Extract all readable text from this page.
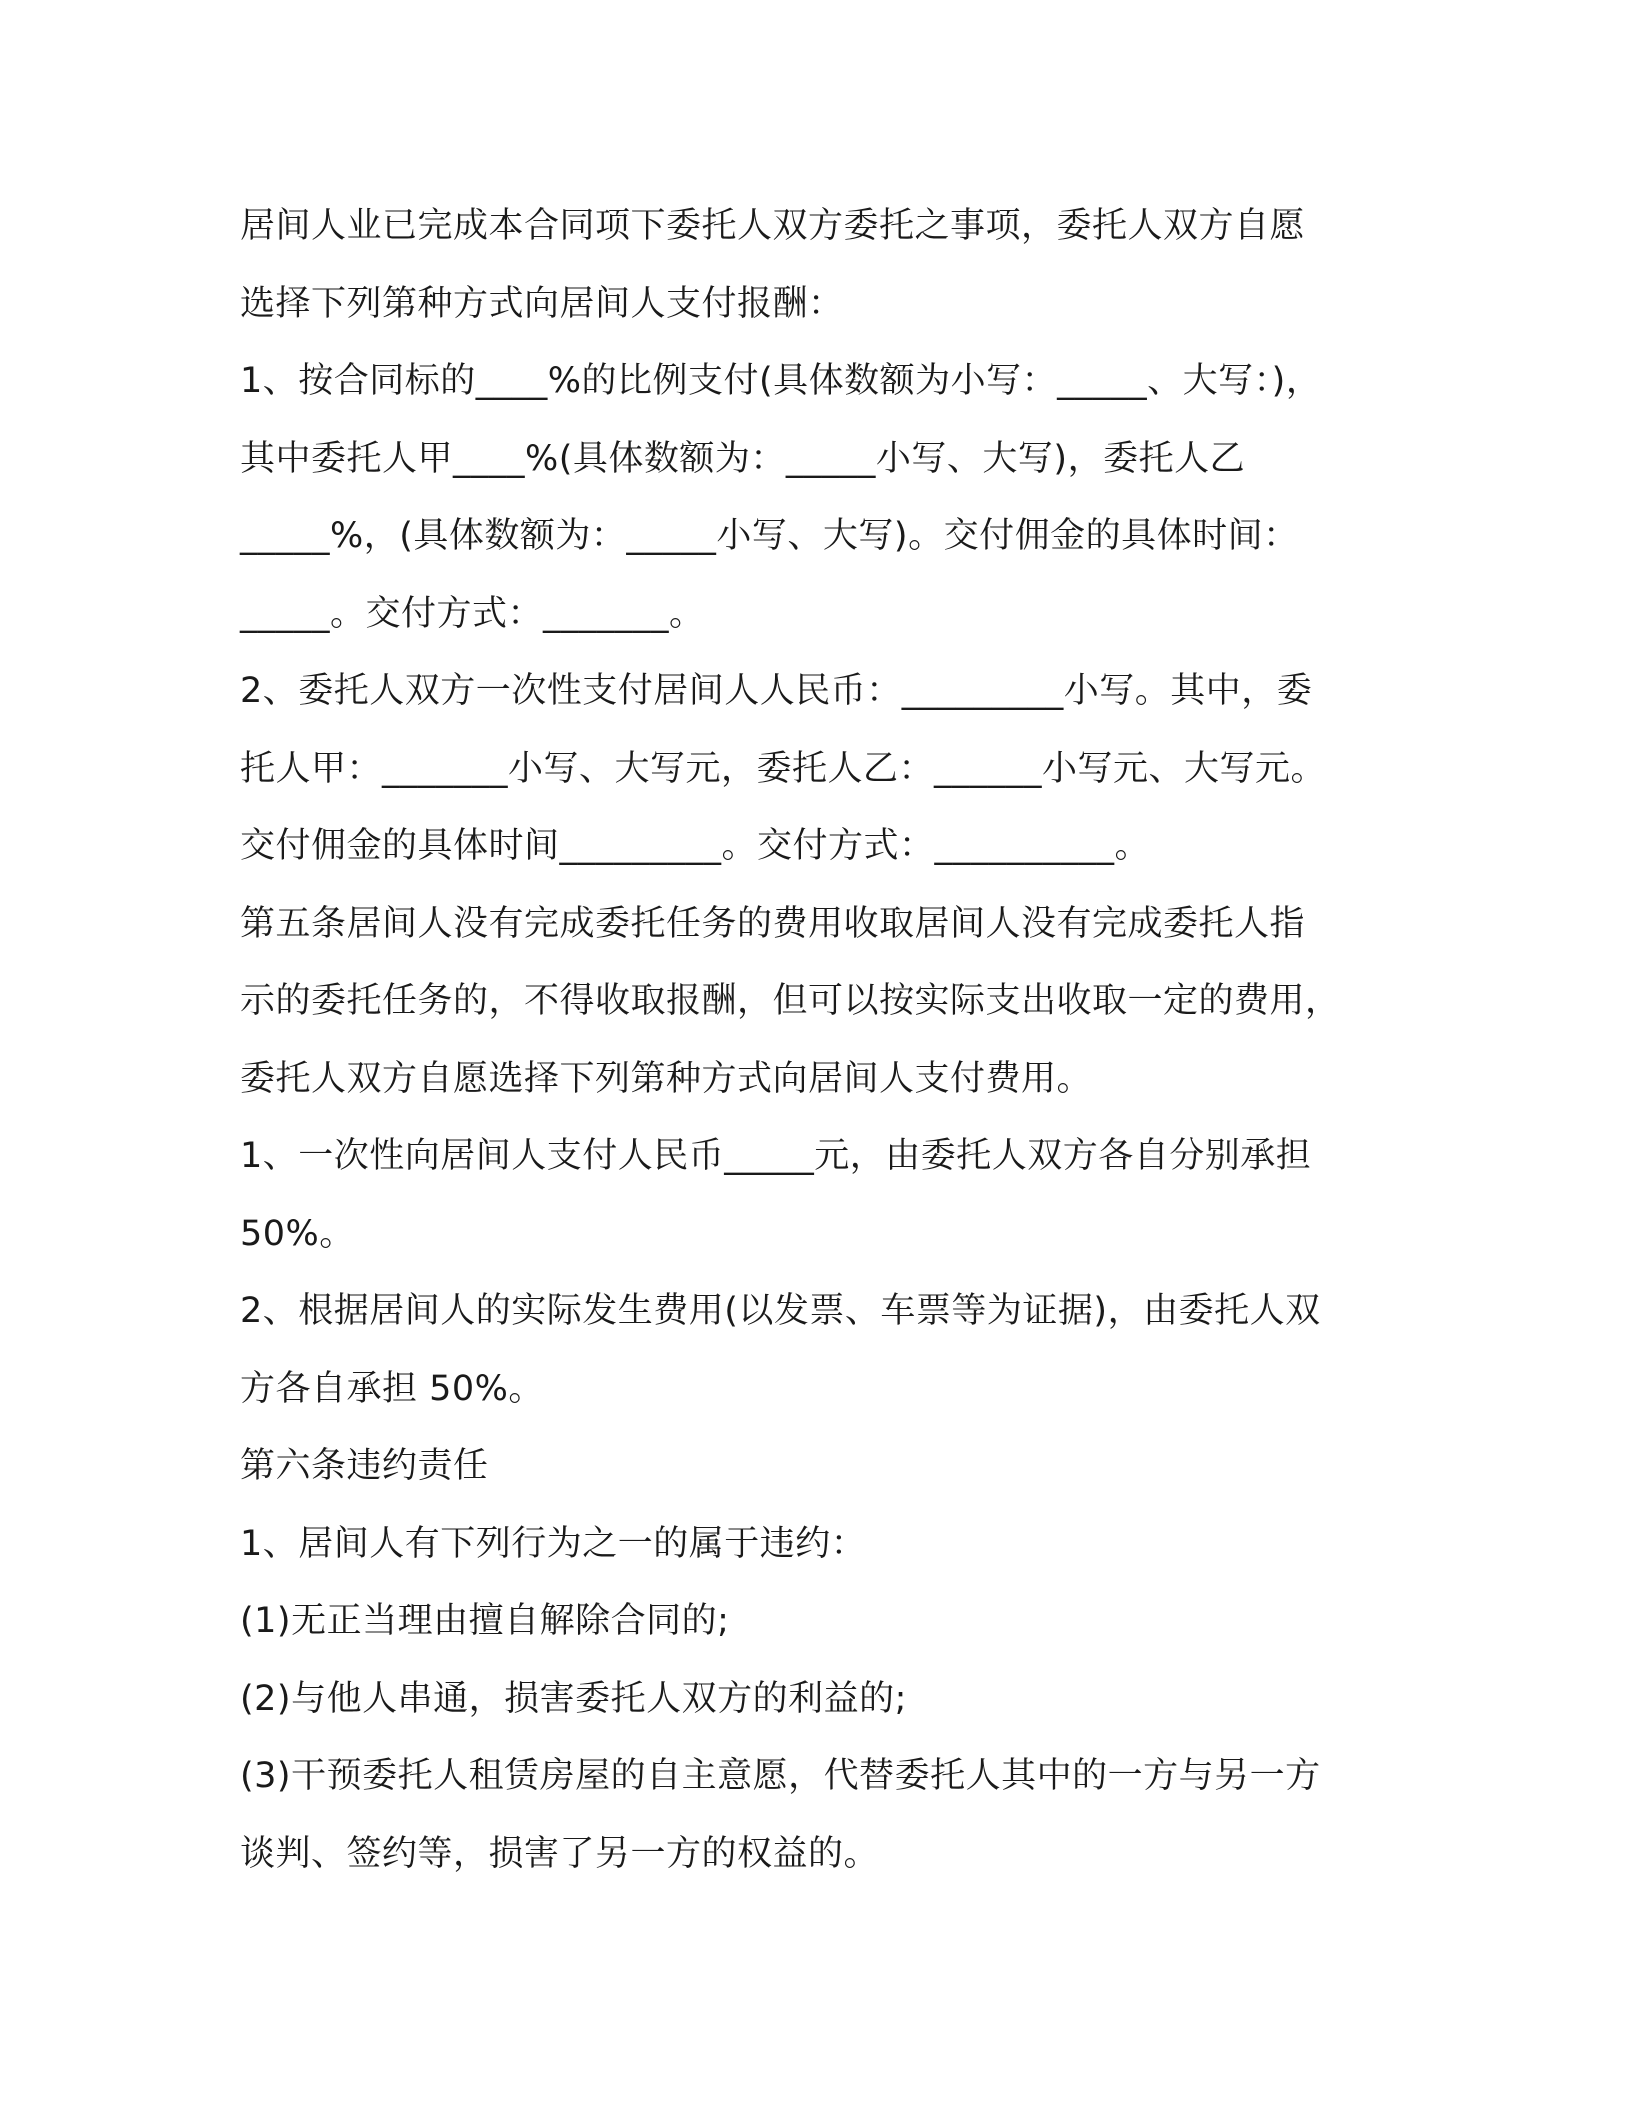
居间人业已完成本合同项下委托人双方委托之事项，委托人双方自愿
选择下列第种方式向居间人支付报酬：
1、按合同标的____%的比例支付(具体数额为小写：_____、大写：)，
其中委托人甲____%(具体数额为：_____小写、大写)，委托人乙
_____%，(具体数额为：_____小写、大写)。交付佣金的具体时间：
_____。交付方式：_______。
2、委托人双方一次性支付居间人人民币：_________小写。其中，委
托人甲：_______小写、大写元，委托人乙：______小写元、大写元。
交付佣金的具体时间_________。交付方式：__________。
第五条居间人没有完成委托任务的费用收取居间人没有完成委托人指
示的委托任务的，不得收取报酬，但可以按实际支出收取一定的费用，
委托人双方自愿选择下列第种方式向居间人支付费用。
1、一次性向居间人支付人民币_____元，由委托人双方各自分别承担
50%。
2、根据居间人的实际发生费用(以发票、车票等为证据)，由委托人双
方各自承担 50%。
第六条违约责任
1、居间人有下列行为之一的属于违约：
(1)无正当理由擅自解除合同的;
(2)与他人串通，损害委托人双方的利益的;
(3)干预委托人租赁房屋的自主意愿，代替委托人其中的一方与另一方
谈判、签约等，损害了另一方的权益的。
